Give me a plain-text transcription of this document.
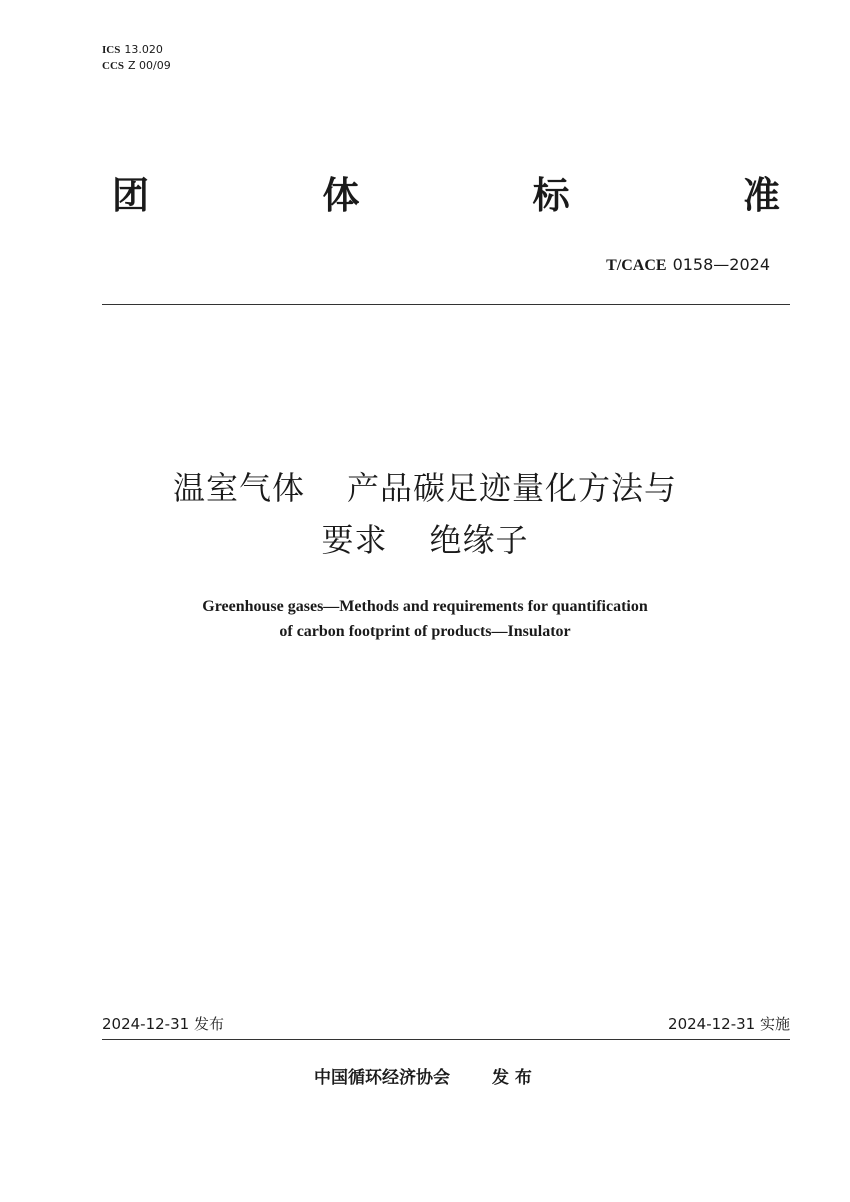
ICS 13.020
CCS Z 00/09
团	体	标	准
T/CACE 0158—2024
温室气体 产品碳足迹量化方法与
要求 绝缘子
Greenhouse gases—Methods and requirements for quantification
of carbon footprint of products—Insulator
2024-12-31 发布	2024-12-31 实施
中国循环经济协会 发 布
